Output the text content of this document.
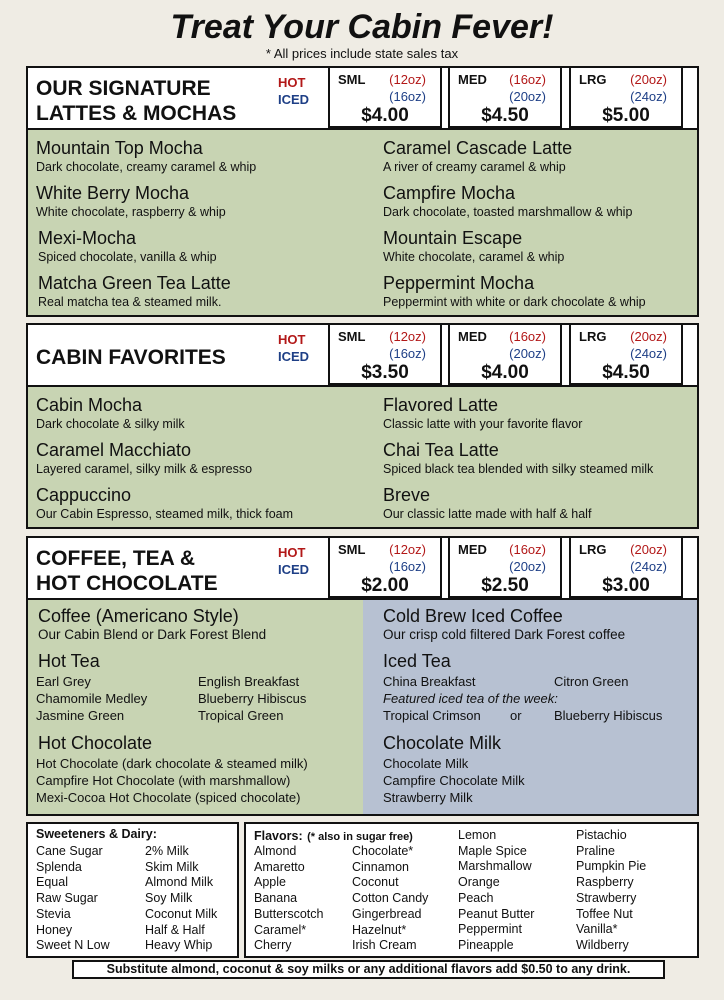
Treat Your Cabin Fever!
* All prices include state sales tax
OUR SIGNATURE
LATTES & MOCHAS
HOT
ICED
SML (12oz)
(16oz)
$4.00
MED (16oz)
(20oz)
$4.50
LRG (20oz)
(24oz)
$5.00
Mountain Top Mocha
Dark chocolate, creamy caramel & whip
White Berry Mocha
White chocolate, raspberry & whip
Mexi-Mocha
Spiced chocolate, vanilla & whip
Matcha Green Tea Latte
Real matcha tea & steamed milk.
Caramel Cascade Latte
A river of creamy caramel & whip
Campfire Mocha
Dark chocolate, toasted marshmallow & whip
Mountain Escape
White chocolate, caramel & whip
Peppermint Mocha
Peppermint with white or dark chocolate & whip
CABIN FAVORITES
HOT
ICED
SML (12oz)
(16oz)
$3.50
MED (16oz)
(20oz)
$4.00
LRG (20oz)
(24oz)
$4.50
Cabin Mocha
Dark chocolate & silky milk
Caramel Macchiato
Layered caramel, silky milk & espresso
Cappuccino
Our Cabin Espresso, steamed milk, thick foam
Flavored Latte
Classic latte with your favorite flavor
Chai Tea Latte
Spiced black tea blended with silky steamed milk
Breve
Our classic latte made with half & half
COFFEE, TEA &
HOT CHOCOLATE
HOT
ICED
SML (12oz)
(16oz)
$2.00
MED (16oz)
(20oz)
$2.50
LRG (20oz)
(24oz)
$3.00
Coffee (Americano Style)
Our Cabin Blend or Dark Forest Blend
Hot Tea
Earl Grey
Chamomile Medley
Jasmine Green
English Breakfast
Blueberry Hibiscus
Tropical Green
Hot Chocolate
Hot Chocolate (dark chocolate & steamed milk)
Campfire Hot Chocolate (with marshmallow)
Mexi-Cocoa Hot Chocolate (spiced chocolate)
Cold Brew Iced Coffee
Our crisp cold filtered Dark Forest coffee
Iced Tea
China Breakfast	Citron Green
Featured iced tea of the week:
Tropical Crimson or Blueberry Hibiscus
Chocolate Milk
Chocolate Milk
Campfire Chocolate Milk
Strawberry Milk
Sweeteners & Dairy:
Cane Sugar
Splenda
Equal
Raw Sugar
Stevia
Honey
Sweet N Low
2% Milk
Skim Milk
Almond Milk
Soy Milk
Coconut Milk
Half & Half
Heavy Whip
Flavors: (* also in sugar free)
Almond
Amaretto
Apple
Banana
Butterscotch
Caramel*
Cherry
Chocolate*
Cinnamon
Coconut
Cotton Candy
Gingerbread
Hazelnut*
Irish Cream
Lemon
Maple Spice
Marshmallow
Orange
Peach
Peanut Butter
Peppermint
Pineapple
Pistachio
Praline
Pumpkin Pie
Raspberry
Strawberry
Toffee Nut
Vanilla*
Wildberry
Substitute almond, coconut & soy milks or any additional flavors add $0.50 to any drink.
